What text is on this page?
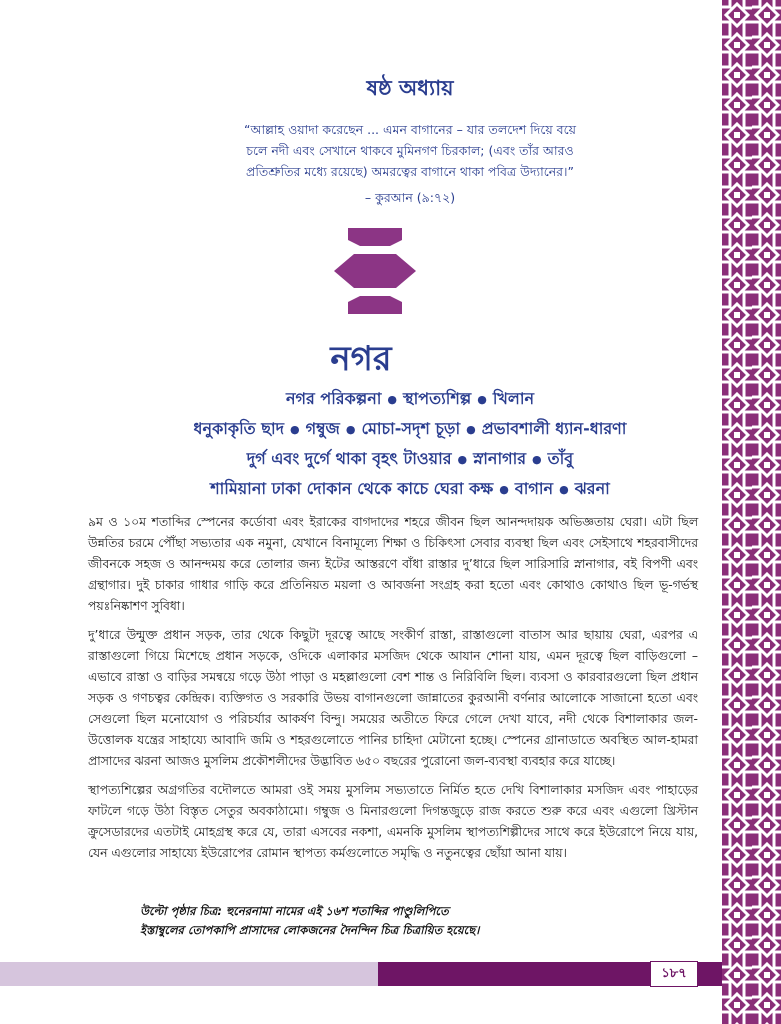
ষষ্ঠ অধ্যায়

“আল্লাহ ওয়াদা করেছেন ... এমন বাগানের – যার তলদেশ দিয়ে বয়ে
চলে নদী এবং সেখানে থাকবে মুমিনগণ চিরকাল; (এবং তাঁর আরও
প্রতিশ্রুতির মধ্যে রয়েছে) অমরত্বের বাগানে থাকা পবিত্র উদ্যানের।”

– কুরআন (৯:৭২)
নগর
নগর পরিকল্পনা ● স্থাপত্যশিল্প ● খিলান
ধনুকাকৃতি ছাদ ● গম্বুজ ● মোচা-সদৃশ চূড়া ● প্রভাবশালী ধ্যান-ধারণা
দুর্গ এবং দুর্গে থাকা বৃহৎ টাওয়ার ● স্নানাগার ● তাঁবু
শামিয়ানা ঢাকা দোকান থেকে কাচে ঘেরা কক্ষ ● বাগান ● ঝরনা

৯ম ও ১০ম শতাব্দির স্পেনের কর্ডোবা এবং ইরাকের বাগদাদের শহরে জীবন ছিল আনন্দদায়ক অভিজ্ঞতায় ঘেরা। এটা ছিল উন্নতির চরমে পৌঁছা সভ্যতার এক নমুনা, যেখানে বিনামূল্যে শিক্ষা ও চিকিৎসা সেবার ব্যবস্থা ছিল এবং সেইসাথে শহরবাসীদের জীবনকে সহজ ও আনন্দময় করে তোলার জন্য ইটের আস্তরণে বাঁধা রাস্তার দু’ধারে ছিল সারিসারি স্নানাগার, বই বিপণী এবং গ্রন্থাগার। দুই চাকার গাধার গাড়ি করে প্রতিনিয়ত ময়লা ও আবর্জনা সংগ্রহ করা হতো এবং কোথাও কোথাও ছিল ভূ-গর্ভস্থ পয়ঃনিষ্কাশণ সুবিধা।

দু’ধারে উন্মুক্ত প্রধান সড়ক, তার থেকে কিছুটা দূরত্বে আছে সংকীর্ণ রাস্তা, রাস্তাগুলো বাতাস আর ছায়ায় ঘেরা, এরপর এ রাস্তাগুলো গিয়ে মিশেছে প্রধান সড়কে, ওদিকে এলাকার মসজিদ থেকে আযান শোনা যায়, এমন দূরত্বে ছিল বাড়িগুলো – এভাবে রাস্তা ও বাড়ির সমন্বয়ে গড়ে উঠা পাড়া ও মহল্লাগুলো বেশ শান্ত ও নিরিবিলি ছিল। ব্যবসা ও কারবারগুলো ছিল প্রধান সড়ক ও গণচত্বর কেন্দ্রিক। ব্যক্তিগত ও সরকারি উভয় বাগানগুলো জান্নাতের কুরআনী বর্ণনার আলোকে সাজানো হতো এবং সেগুলো ছিল মনোযোগ ও পরিচর্যার আকর্ষণ বিন্দু। সময়ের অতীতে ফিরে গেলে দেখা যাবে, নদী থেকে বিশালাকার জল-উত্তোলক যন্ত্রের সাহায্যে আবাদি জমি ও শহরগুলোতে পানির চাহিদা মেটানো হচ্ছে। স্পেনের গ্রানাডাতে অবস্থিত আল-হামরা প্রাসাদের ঝরনা আজও মুসলিম প্রকৌশলীদের উদ্ভাবিত ৬৫০ বছরের পুরোনো জল-ব্যবস্থা ব্যবহার করে যাচ্ছে।

স্থাপত্যশিল্পের অগ্রগতির বদৌলতে আমরা ওই সময় মুসলিম সভ্যতাতে নির্মিত হতে দেখি বিশালাকার মসজিদ এবং পাহাড়ের ফাটলে গড়ে উঠা বিস্তৃত সেতুর অবকাঠামো। গম্বুজ ও মিনারগুলো দিগন্তজুড়ে রাজ করতে শুরু করে এবং এগুলো খ্রিস্টান ক্রুসেডারদের এতটাই মোহগ্রস্থ করে যে, তারা এসবের নকশা, এমনকি মুসলিম স্থাপত্যশিল্পীদের সাথে করে ইউরোপে নিয়ে যায়, যেন এগুলোর সাহায্যে ইউরোপের রোমান স্থাপত্য কর্মগুলোতে সমৃদ্ধি ও নতুনত্বের ছোঁয়া আনা যায়।

উল্টো পৃষ্ঠার চিত্র: হুনেরনামা নামের এই ১৬শ শতাব্দির পাণ্ডুলিপিতে
ইস্তাম্বুলের তোপকাপি প্রাসাদের লোকজনের দৈনন্দিন চিত্র চিত্রায়িত হয়েছে।
১৮৭
